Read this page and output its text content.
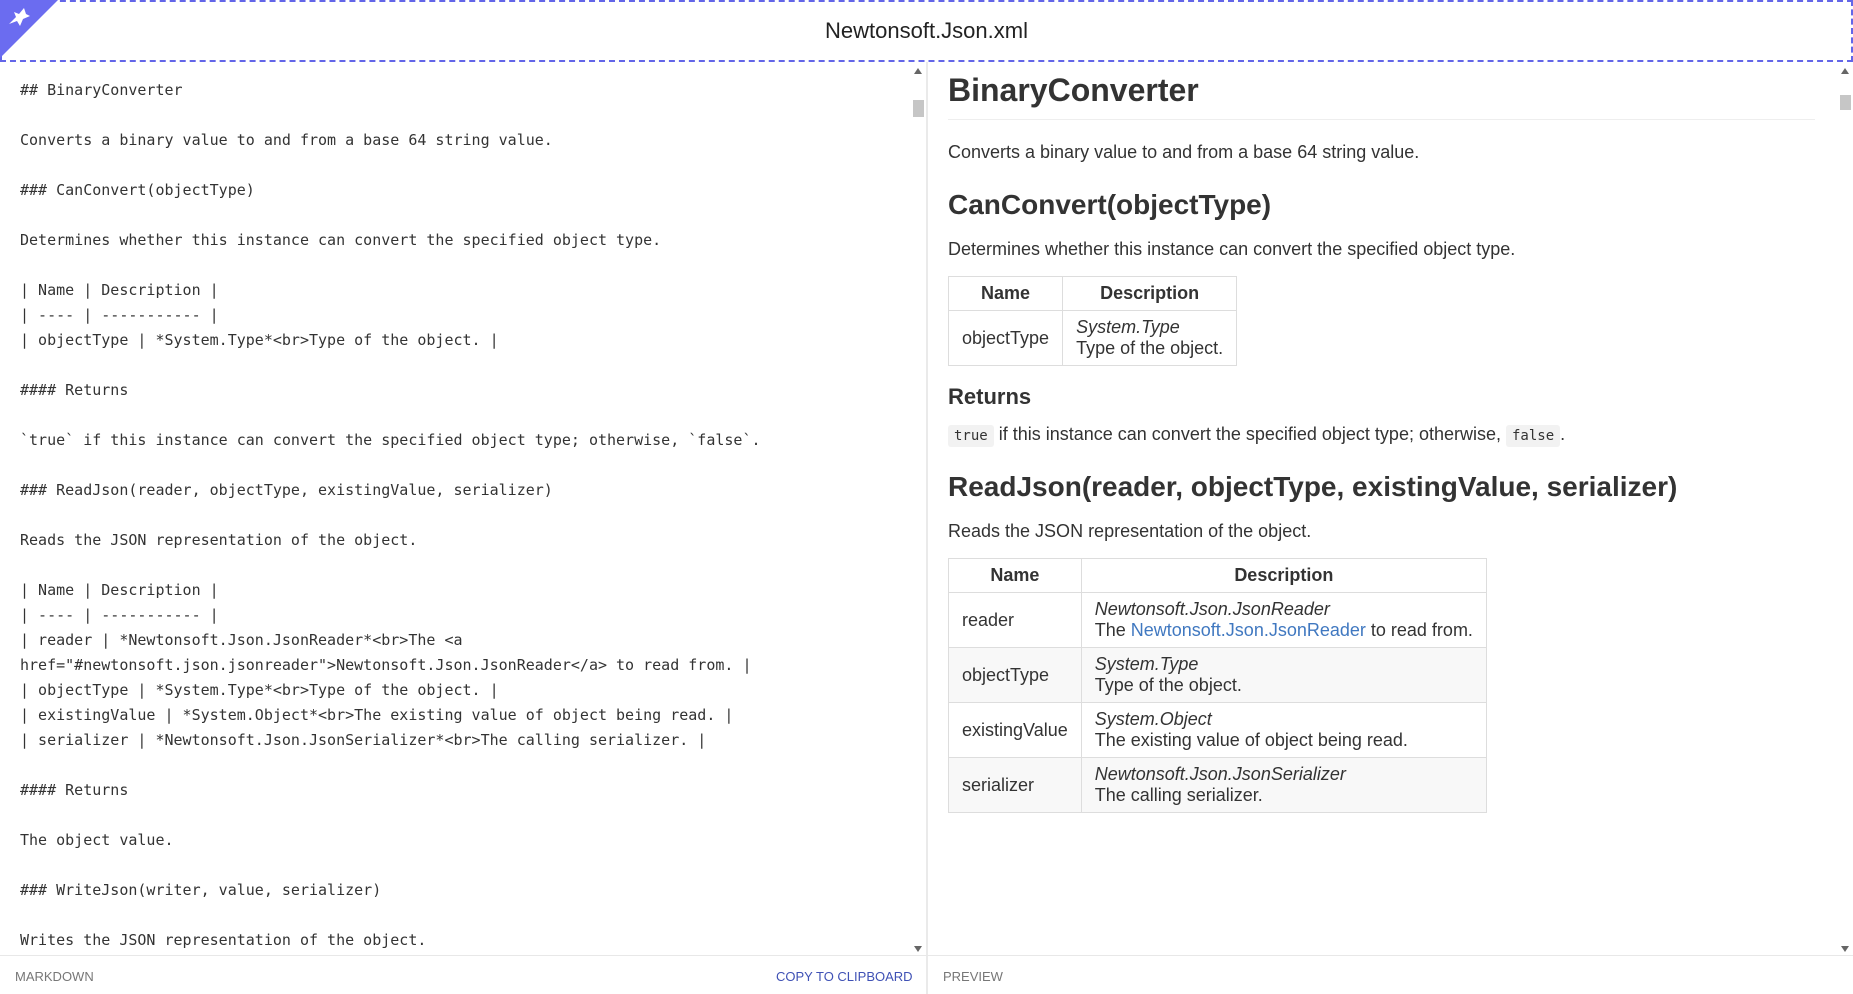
Newtonsoft.Json.xml
## BinaryConverter
Converts a binary value to and from a base 64 string value.
### CanConvert(objectType)
Determines whether this instance can convert the specified object type.
| Name | Description |
| ---- | ----------- |
| objectType | *System.Type*<br>Type of the object. |
#### Returns
`true` if this instance can convert the specified object type; otherwise, `false`.
### ReadJson(reader, objectType, existingValue, serializer)
Reads the JSON representation of the object.
| Name | Description |
| ---- | ----------- |
| reader | *Newtonsoft.Json.JsonReader*<br>The <a
href="#newtonsoft.json.jsonreader">Newtonsoft.Json.JsonReader</a> to read from. |
| objectType | *System.Type*<br>Type of the object. |
| existingValue | *System.Object*<br>The existing value of object being read. |
| serializer | *Newtonsoft.Json.JsonSerializer*<br>The calling serializer. |
#### Returns
The object value.
### WriteJson(writer, value, serializer)
Writes the JSON representation of the object.
BinaryConverter
Converts a binary value to and from a base 64 string value.
CanConvert(objectType)
Determines whether this instance can convert the specified object type.
Name	Description
objectType	System.Type
Type of the object.
Returns
true if this instance can convert the specified object type; otherwise, false .
ReadJson(reader, objectType, existingValue, serializer)
Reads the JSON representation of the object.
Name	Description
reader	Newtonsoft.Json.JsonReader
The Newtonsoft.Json.JsonReader to read from.

objectType	System.Type
Type of the object.

existingValue	System.Object
The existing value of object being read.

serializer	Newtonsoft.Json.JsonSerializer
The calling serializer.
MARKDOWN	COPY TO CLIPBOARD PREVIEW
